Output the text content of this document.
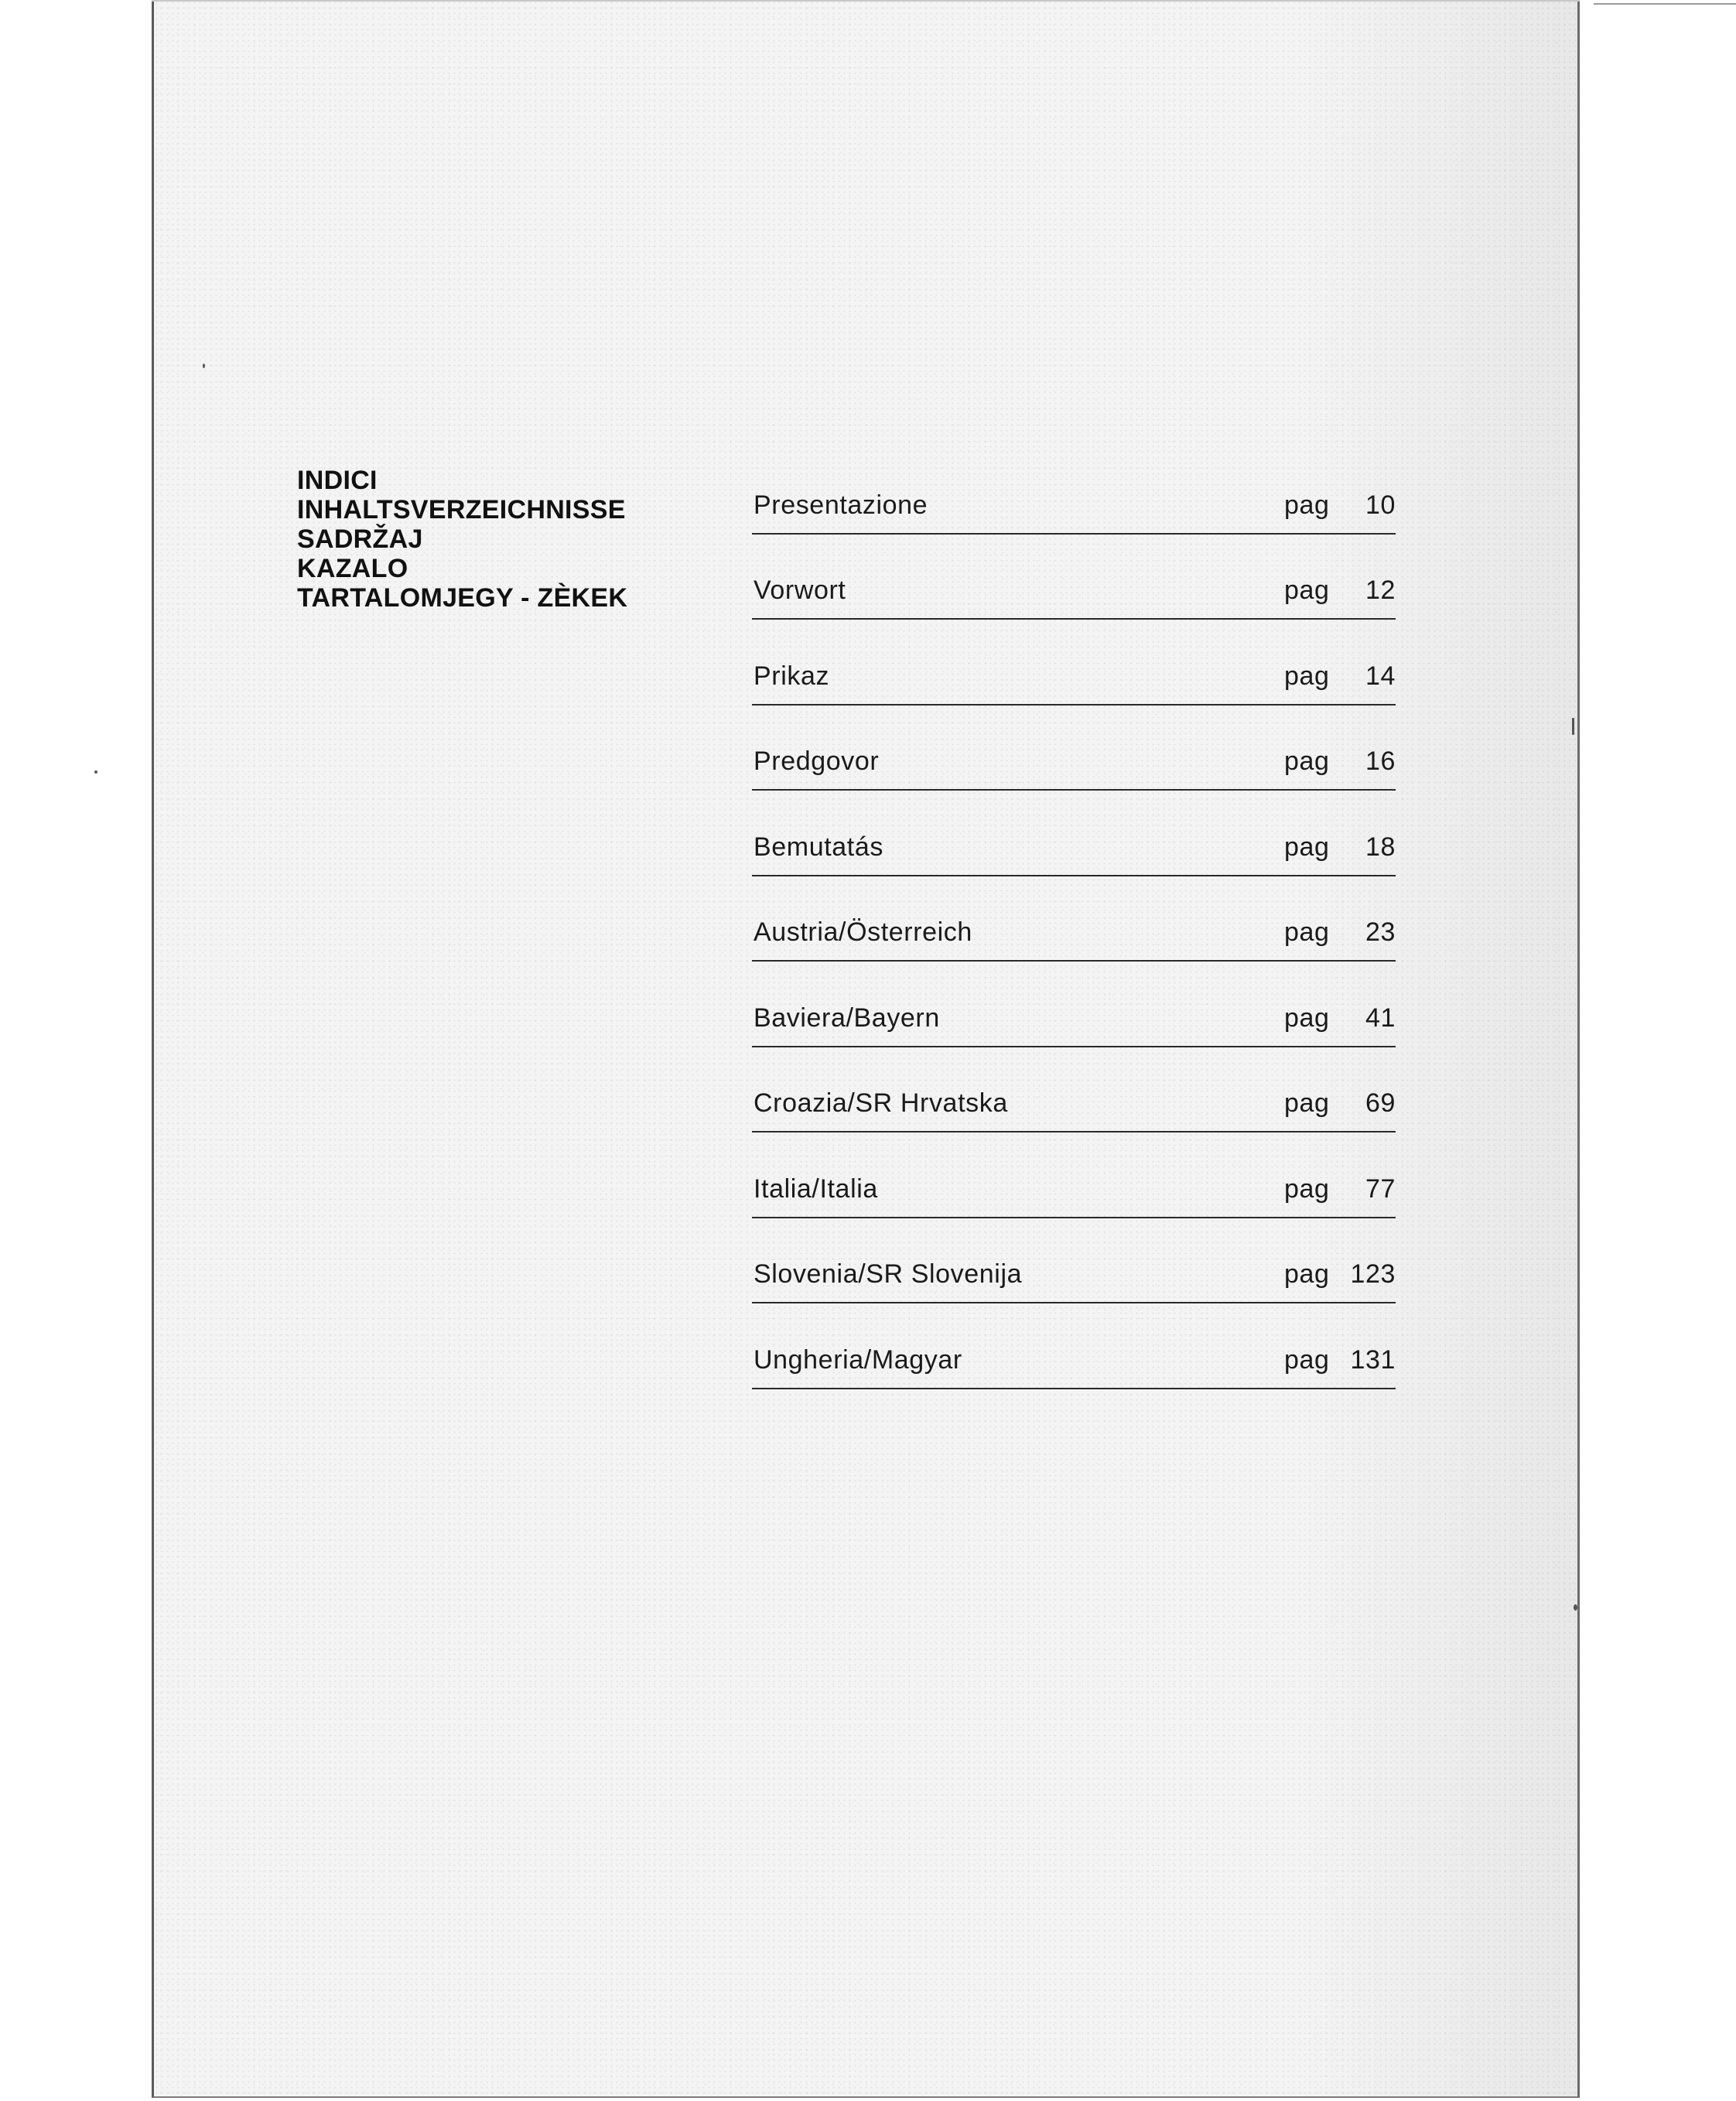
INDICI
INHALTSVERZEICHNISSE
SADRŽAJ
KAZALO
TARTALOMJEGY - ZÈKEK
Presentazione	pag 10
Vorwort	pag 12
Prikaz	pag 14
Predgovor	pag 16
Bemutatás	pag 18
Austria/Österreich	pag 23
Baviera/Bayern	pag 41
Croazia/SR Hrvatska	pag 69
Italia/Italia	pag 77
Slovenia/SR Slovenija	pag 123
Ungheria/Magyar	pag 131
